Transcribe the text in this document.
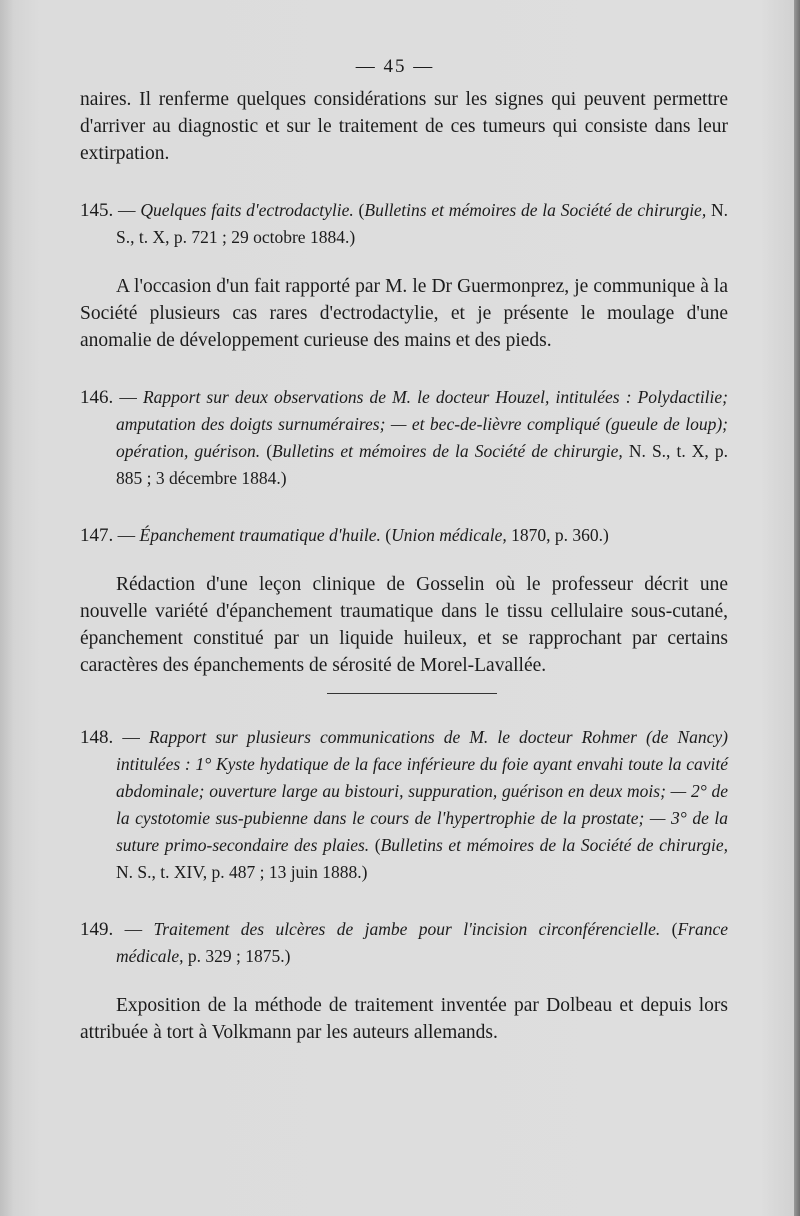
— 45 —

naires. Il renferme quelques considérations sur les signes qui peuvent permettre d'arriver au diagnostic et sur le traitement de ces tumeurs qui consiste dans leur extirpation.

145. — Quelques faits d'ectrodactylie. (Bulletins et mémoires de la Société de chirurgie, N. S., t. X, p. 721 ; 29 octobre 1884.)

A l'occasion d'un fait rapporté par M. le Dr Guermonprez, je communique à la Société plusieurs cas rares d'ectrodactylie, et je présente le moulage d'une anomalie de développement curieuse des mains et des pieds.

146. — Rapport sur deux observations de M. le docteur Houzel, intitulées : Polydactilie; amputation des doigts surnuméraires; — et bec-de-lièvre compliqué (gueule de loup); opération, guérison. (Bulletins et mémoires de la Société de chirurgie, N. S., t. X, p. 885 ; 3 décembre 1884.)

147. — Épanchement traumatique d'huile. (Union médicale, 1870, p. 360.)

Rédaction d'une leçon clinique de Gosselin où le professeur décrit une nouvelle variété d'épanchement traumatique dans le tissu cellulaire sous-cutané, épanchement constitué par un liquide huileux, et se rapprochant par certains caractères des épanchements de sérosité de Morel-Lavallée.

148. — Rapport sur plusieurs communications de M. le docteur Rohmer (de Nancy) intitulées : 1° Kyste hydatique de la face inférieure du foie ayant envahi toute la cavité abdominale; ouverture large au bistouri, suppuration, guérison en deux mois; — 2° de la cystotomie sus-pubienne dans le cours de l'hypertrophie de la prostate; — 3° de la suture primo-secondaire des plaies. (Bulletins et mémoires de la Société de chirurgie, N. S., t. XIV, p. 487 ; 13 juin 1888.)

149. — Traitement des ulcères de jambe pour l'incision circonférencielle. (France médicale, p. 329 ; 1875.)

Exposition de la méthode de traitement inventée par Dolbeau et depuis lors attribuée à tort à Volkmann par les auteurs allemands.
